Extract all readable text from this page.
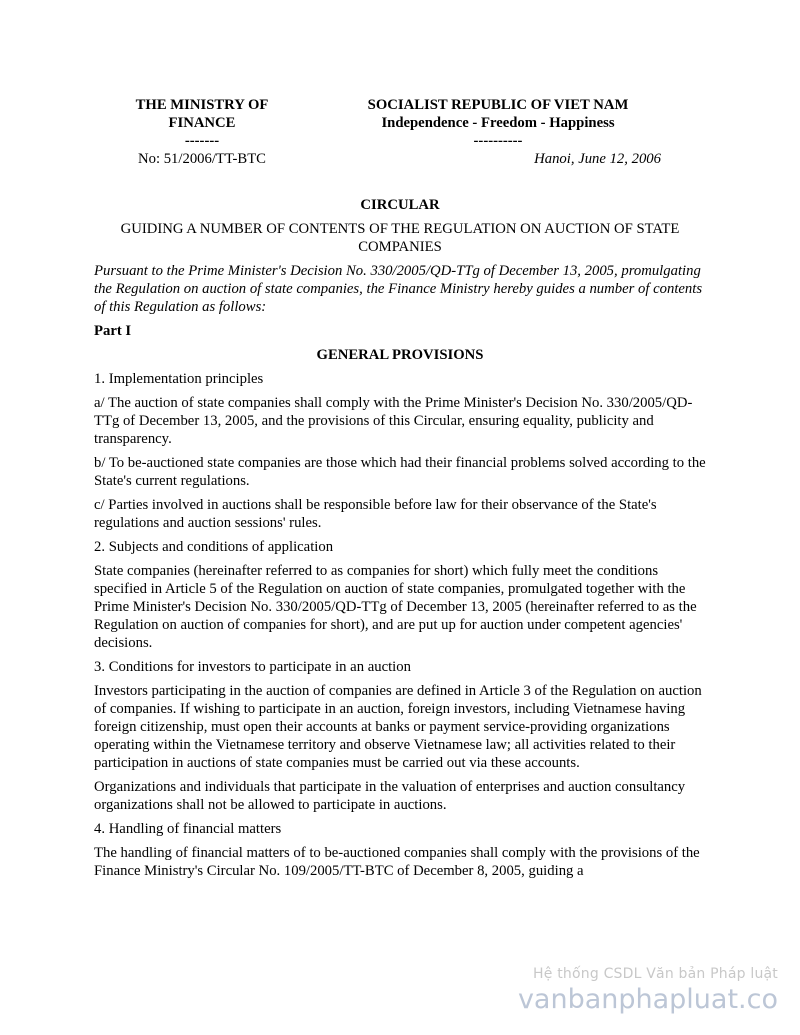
THE MINISTRY OF
FINANCE
-------
SOCIALIST REPUBLIC OF VIET NAM
Independence - Freedom - Happiness
----------
No: 51/2006/TT-BTC	Hanoi, June 12, 2006

CIRCULAR

GUIDING A NUMBER OF CONTENTS OF THE REGULATION ON AUCTION OF STATE COMPANIES

Pursuant to the Prime Minister's Decision No. 330/2005/QD-TTg of December 13, 2005, promulgating the Regulation on auction of state companies, the Finance Ministry hereby guides a number of contents of this Regulation as follows:

Part I

GENERAL PROVISIONS

1. Implementation principles

a/ The auction of state companies shall comply with the Prime Minister's Decision No. 330/2005/QD-TTg of December 13, 2005, and the provisions of this Circular, ensuring equality, publicity and transparency.

b/ To be-auctioned state companies are those which had their financial problems solved according to the State's current regulations.

c/ Parties involved in auctions shall be responsible before law for their observance of the State's regulations and auction sessions' rules.

2. Subjects and conditions of application

State companies (hereinafter referred to as companies for short) which fully meet the conditions specified in Article 5 of the Regulation on auction of state companies, promulgated together with the Prime Minister's Decision No. 330/2005/QD-TTg of December 13, 2005 (hereinafter referred to as the Regulation on auction of companies for short), and are put up for auction under competent agencies' decisions.

3. Conditions for investors to participate in an auction

Investors participating in the auction of companies are defined in Article 3 of the Regulation on auction of companies. If wishing to participate in an auction, foreign investors, including Vietnamese having foreign citizenship, must open their accounts at banks or payment service-providing organizations operating within the Vietnamese territory and observe Vietnamese law; all activities related to their participation in auctions of state companies must be carried out via these accounts.

Organizations and individuals that participate in the valuation of enterprises and auction consultancy organizations shall not be allowed to participate in auctions.

4. Handling of financial matters

The handling of financial matters of to be-auctioned companies shall comply with the provisions of the Finance Ministry's Circular No. 109/2005/TT-BTC of December 8, 2005, guiding a

Hệ thống CSDL Văn bản Pháp luật
vanbanphapluat.co
